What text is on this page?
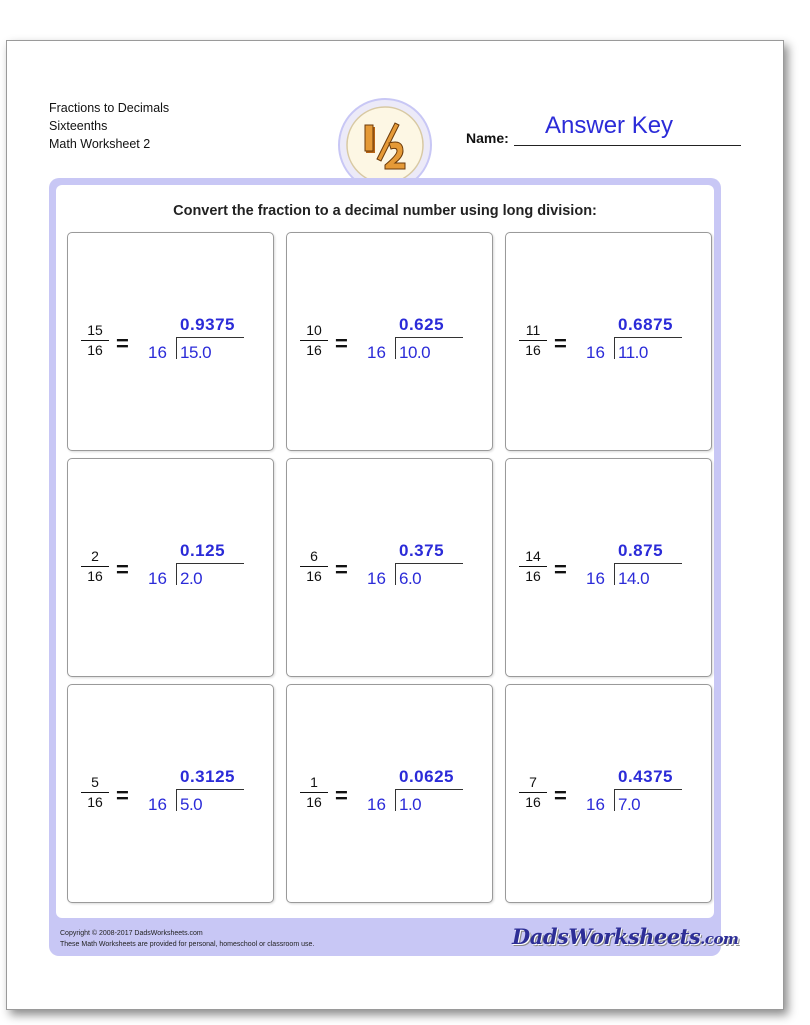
Fractions to Decimals
Sixteenths
Math Worksheet 2	Name: Answer Key
Convert the fraction to a decimal number using long division:
$\frac{15}{16}$ =
0.9375
16 15.0	$\frac{10}{16}$ =
0.625
16 10.0	$\frac{11}{16}$ =
0.6875
16 11.0
$\frac{2}{16}$ =
0.125
16 2.0	$\frac{6}{16}$ =
0.375
16 6.0	$\frac{14}{16}$ =
0.875
16 14.0
$\frac{5}{16}$ =
0.3125
16 5.0	$\frac{1}{16}$ =
0.0625
16 1.0	$\frac{7}{16}$ =
0.4375
16 7.0
Copyright © 2008-2017 DadsWorksheets.com
These Math Worksheets are provided for personal, homeschool or classroom use.	DadsWorksheets.com
